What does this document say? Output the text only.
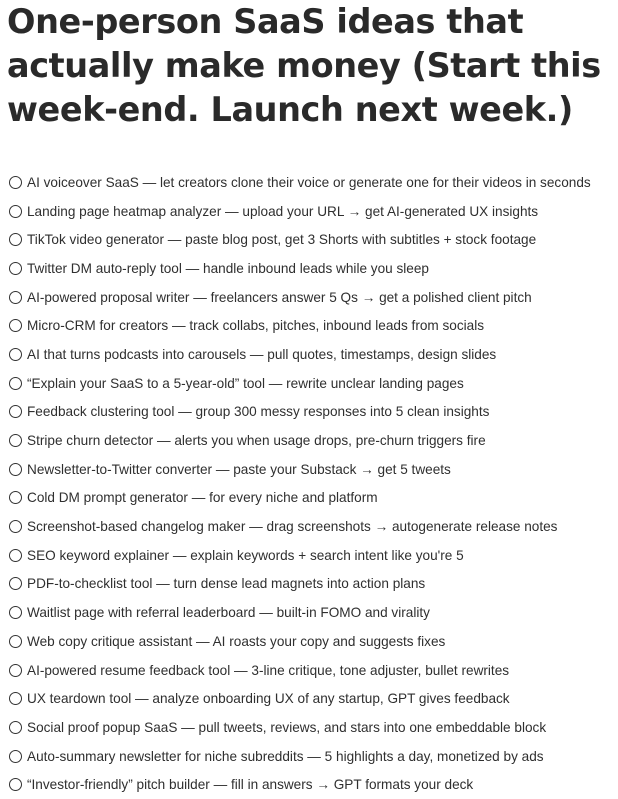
One-person SaaS ideas that actually make money (Start this week-end. Launch next week.)
AI voiceover SaaS — let creators clone their voice or generate one for their videos in seconds
Landing page heatmap analyzer — upload your URL → get AI-generated UX insights
TikTok video generator — paste blog post, get 3 Shorts with subtitles + stock footage
Twitter DM auto-reply tool — handle inbound leads while you sleep
AI-powered proposal writer — freelancers answer 5 Qs → get a polished client pitch
Micro-CRM for creators — track collabs, pitches, inbound leads from socials
AI that turns podcasts into carousels — pull quotes, timestamps, design slides
“Explain your SaaS to a 5-year-old” tool — rewrite unclear landing pages
Feedback clustering tool — group 300 messy responses into 5 clean insights
Stripe churn detector — alerts you when usage drops, pre-churn triggers fire
Newsletter-to-Twitter converter — paste your Substack → get 5 tweets
Cold DM prompt generator — for every niche and platform
Screenshot-based changelog maker — drag screenshots → autogenerate release notes
SEO keyword explainer — explain keywords + search intent like you're 5
PDF-to-checklist tool — turn dense lead magnets into action plans
Waitlist page with referral leaderboard — built-in FOMO and virality
Web copy critique assistant — AI roasts your copy and suggests fixes
AI-powered resume feedback tool — 3-line critique, tone adjuster, bullet rewrites
UX teardown tool — analyze onboarding UX of any startup, GPT gives feedback
Social proof popup SaaS — pull tweets, reviews, and stars into one embeddable block
Auto-summary newsletter for niche subreddits — 5 highlights a day, monetized by ads
“Investor-friendly” pitch builder — fill in answers → GPT formats your deck
